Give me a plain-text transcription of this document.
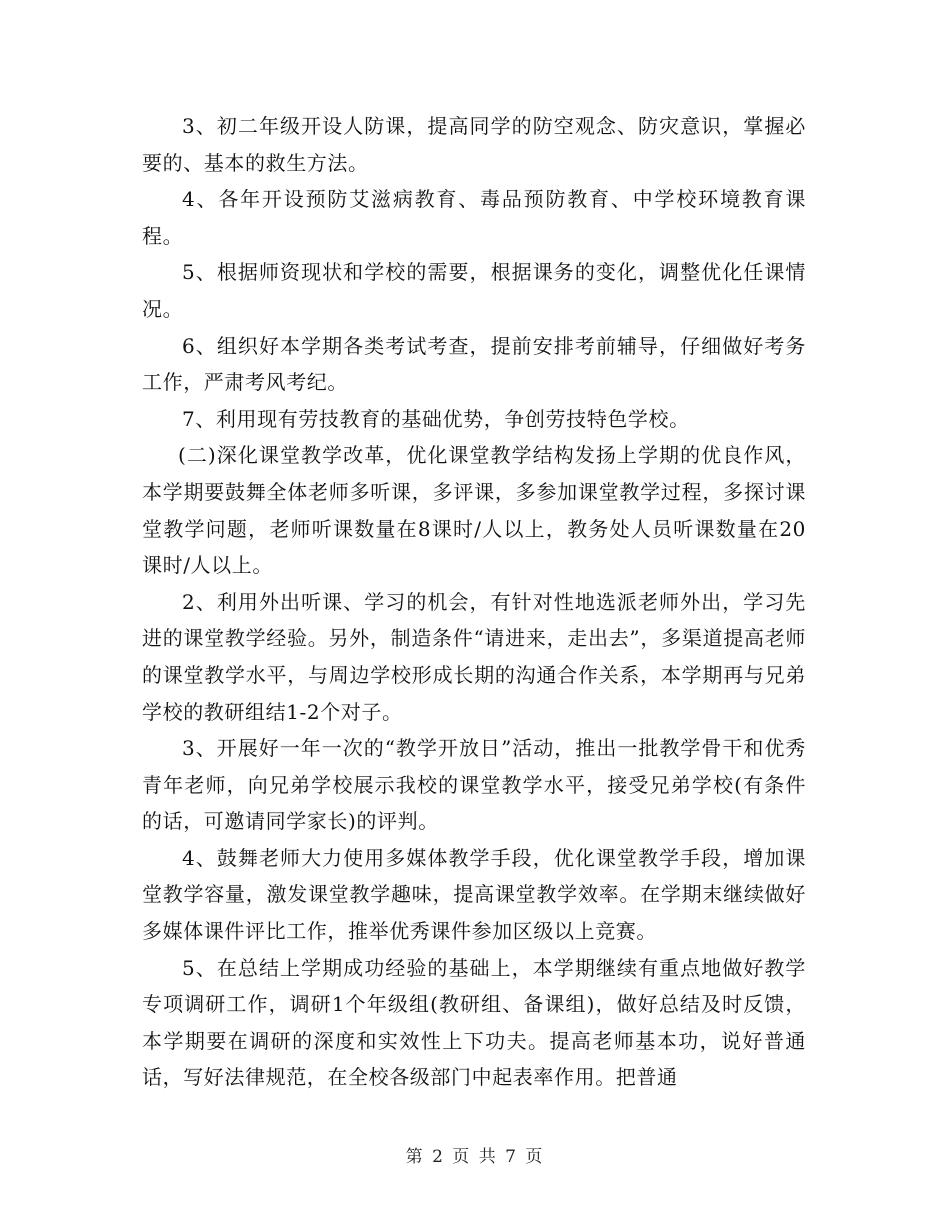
3、初二年级开设人防课，提高同学的防空观念、防灾意识，掌握必要的、基本的救生方法。

4、各年开设预防艾滋病教育、毒品预防教育、中学校环境教育课程。

5、根据师资现状和学校的需要，根据课务的变化，调整优化任课情况。

6、组织好本学期各类考试考查，提前安排考前辅导，仔细做好考务工作，严肃考风考纪。

7、利用现有劳技教育的基础优势，争创劳技特色学校。

(二)深化课堂教学改革，优化课堂教学结构发扬上学期的优良作风，本学期要鼓舞全体老师多听课，多评课，多参加课堂教学过程，多探讨课堂教学问题，老师听课数量在8课时/人以上，教务处人员听课数量在20课时/人以上。

2、利用外出听课、学习的机会，有针对性地选派老师外出，学习先进的课堂教学经验。另外，制造条件“请进来，走出去”，多渠道提高老师的课堂教学水平，与周边学校形成长期的沟通合作关系，本学期再与兄弟学校的教研组结1-2个对子。

3、开展好一年一次的“教学开放日”活动，推出一批教学骨干和优秀青年老师，向兄弟学校展示我校的课堂教学水平，接受兄弟学校(有条件的话，可邀请同学家长)的评判。

4、鼓舞老师大力使用多媒体教学手段，优化课堂教学手段，增加课堂教学容量，激发课堂教学趣味，提高课堂教学效率。在学期末继续做好多媒体课件评比工作，推举优秀课件参加区级以上竞赛。

5、在总结上学期成功经验的基础上，本学期继续有重点地做好教学专项调研工作，调研1个年级组(教研组、备课组)，做好总结及时反馈，本学期要在调研的深度和实效性上下功夫。提高老师基本功，说好普通话，写好法律规范，在全校各级部门中起表率作用。把普通

第 2 页 共 7 页
